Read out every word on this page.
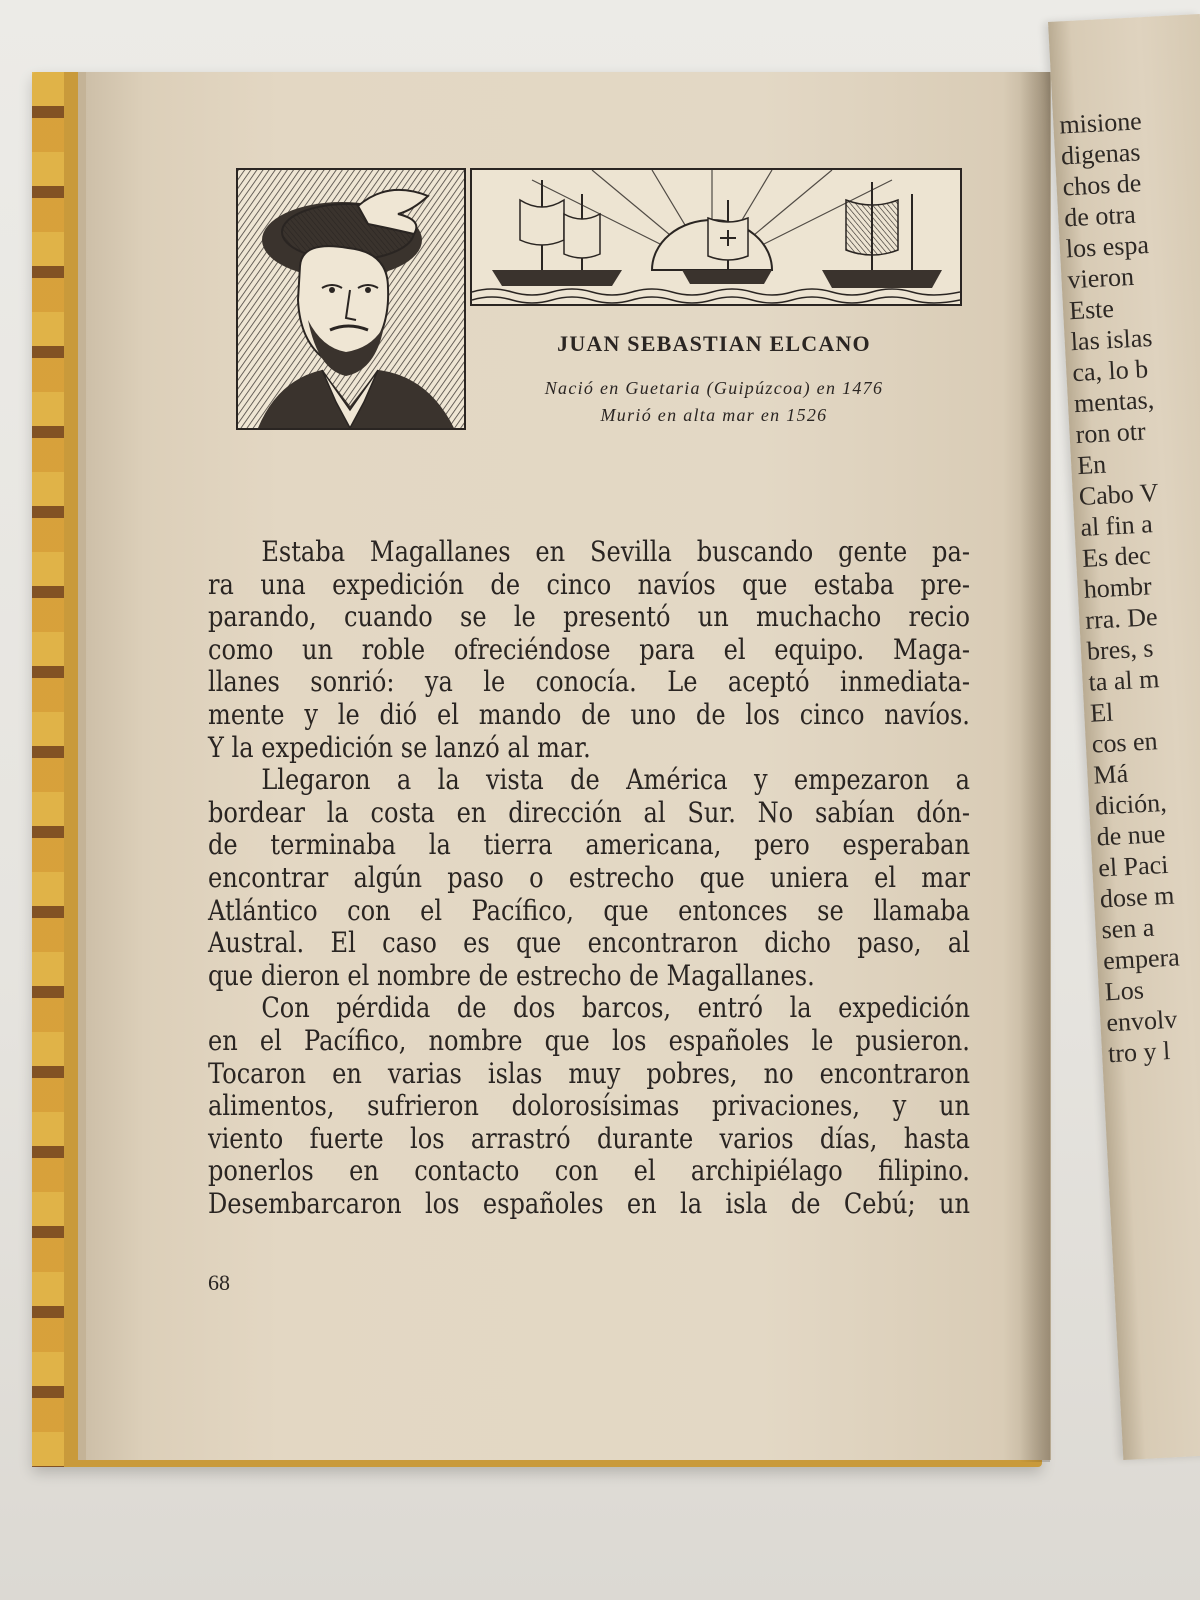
misione
digenas
chos de
de otra
los espa
vieron
Este
las islas
ca, lo b
mentas,
ron otr
En
Cabo V
al fin a
Es dec
hombr
rra. De
bres, s
ta al m
El
cos en
Má
dición,
de nue
el Paci
dose m
sen a
empera
Los
envolv
tro y l
JUAN SEBASTIAN ELCANO
Nació en Guetaria (Guipúzcoa) en 1476
Murió en alta mar en 1526
Estaba Magallanes en Sevilla buscando gente pa-
ra una expedición de cinco navíos que estaba pre-
parando, cuando se le presentó un muchacho recio
como un roble ofreciéndose para el equipo. Maga-
llanes sonrió: ya le conocía. Le aceptó inmediata-
mente y le dió el mando de uno de los cinco navíos.
Y la expedición se lanzó al mar.
Llegaron a la vista de América y empezaron a
bordear la costa en dirección al Sur. No sabían dón-
de terminaba la tierra americana, pero esperaban
encontrar algún paso o estrecho que uniera el mar
Atlántico con el Pacífico, que entonces se llamaba
Austral. El caso es que encontraron dicho paso, al
que dieron el nombre de estrecho de Magallanes.
Con pérdida de dos barcos, entró la expedición
en el Pacífico, nombre que los españoles le pusieron.
Tocaron en varias islas muy pobres, no encontraron
alimentos, sufrieron dolorosísimas privaciones, y un
viento fuerte los arrastró durante varios días, hasta
ponerlos en contacto con el archipiélago filipino.
Desembarcaron los españoles en la isla de Cebú; un
68
